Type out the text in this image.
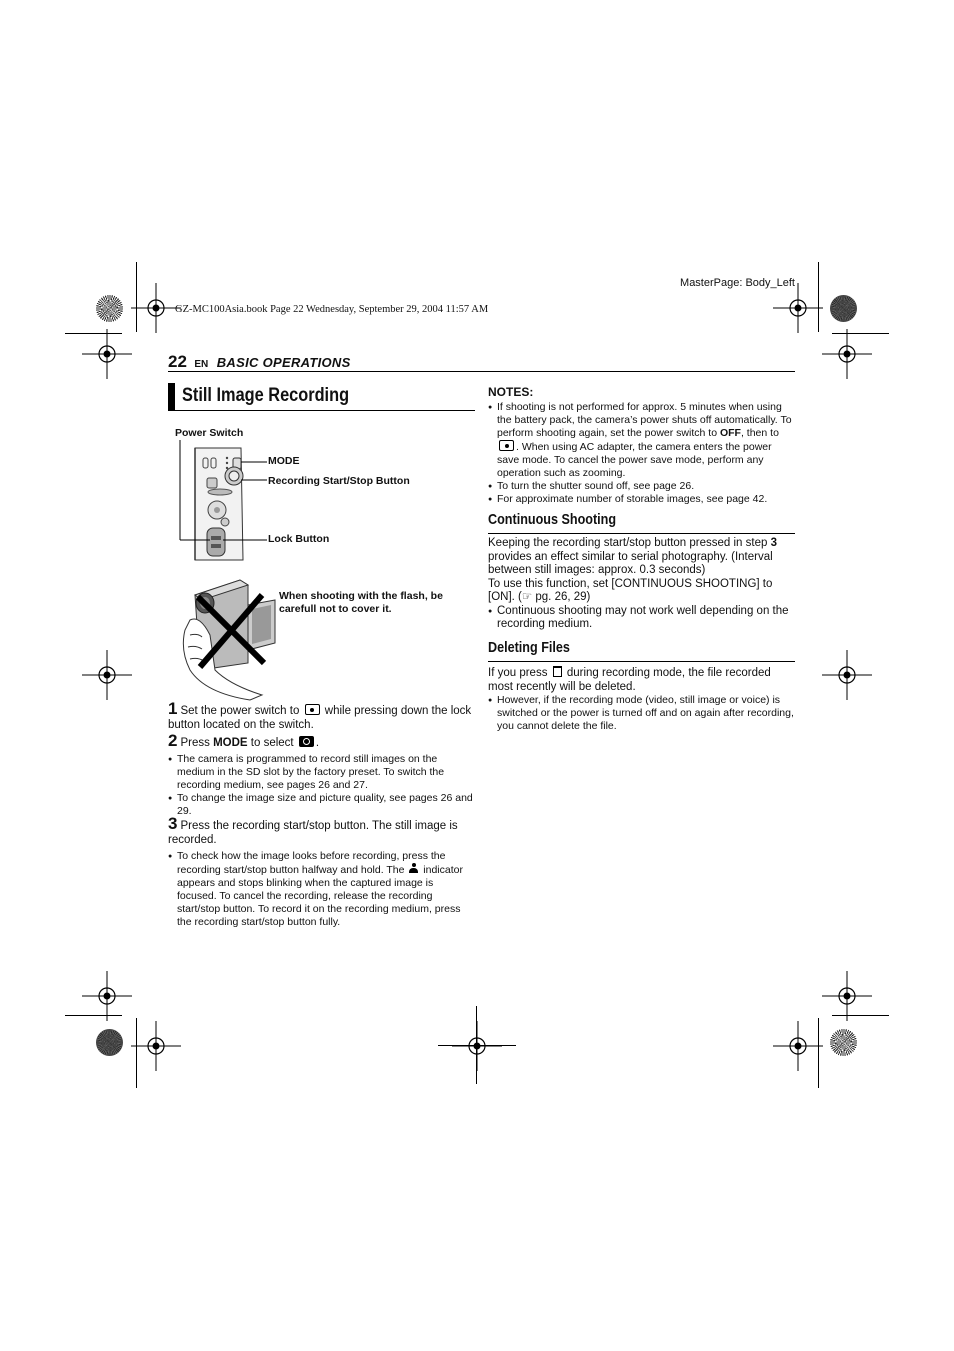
MasterPage: Body_Left
GZ-MC100Asia.book Page 22 Wednesday, September 29, 2004 11:57 AM
22 EN BASIC OPERATIONS
Still Image Recording
Power Switch
MODE
Recording Start/Stop Button
Lock Button
When shooting with the flash, be carefull not to cover it.
1 Set the power switch to while pressing down the lock button located on the switch.
2 Press MODE to select .
● The camera is programmed to record still images on the medium in the SD slot by the factory preset. To switch the recording medium, see pages 26 and 27.
● To change the image size and picture quality, see pages 26 and 29.
3 Press the recording start/stop button. The still image is recorded.
● To check how the image looks before recording, press the recording start/stop button halfway and hold. The indicator appears and stops blinking when the captured image is focused. To cancel the recording, release the recording start/stop button. To record it on the recording medium, press the recording start/stop button fully.
NOTES:
● If shooting is not performed for approx. 5 minutes when using the battery pack, the camera’s power shuts off automatically. To perform shooting again, set the power switch to OFF, then to . When using AC adapter, the camera enters the power save mode. To cancel the power save mode, perform any operation such as zooming.
● To turn the shutter sound off, see page 26.
● For approximate number of storable images, see page 42.
Continuous Shooting
Keeping the recording start/stop button pressed in step 3 provides an effect similar to serial photography. (Interval between still images: approx. 0.3 seconds)
To use this function, set [CONTINUOUS SHOOTING] to [ON]. (☞ pg. 26, 29)
● Continuous shooting may not work well depending on the recording medium.
Deleting Files
If you press during recording mode, the file recorded most recently will be deleted.
● However, if the recording mode (video, still image or voice) is switched or the power is turned off and on again after recording, you cannot delete the file.
